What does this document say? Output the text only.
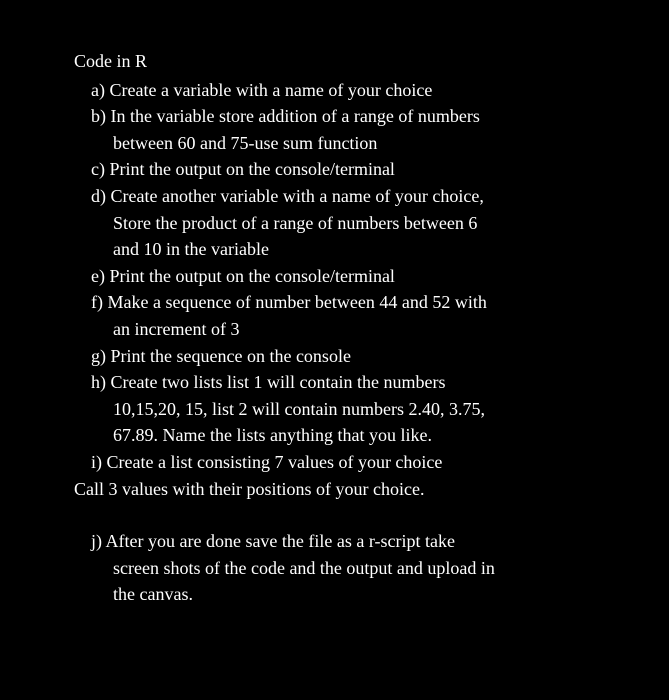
Code in R
a) Create a variable with a name of your choice
b) In the variable store addition of a range of numbers
between 60 and 75-use sum function
c) Print the output on the console/terminal
d) Create another variable with a name of your choice,
Store the product of a range of numbers between 6
and 10 in the variable
e) Print the output on the console/terminal
f) Make a sequence of number between 44 and 52 with
an increment of 3
g) Print the sequence on the console
h) Create two lists list 1 will contain the numbers
10,15,20, 15, list 2 will contain numbers 2.40, 3.75,
67.89. Name the lists anything that you like.
i) Create a list consisting 7 values of your choice
Call 3 values with their positions of your choice.
j) After you are done save the file as a r-script take
screen shots of the code and the output and upload in
the canvas.
